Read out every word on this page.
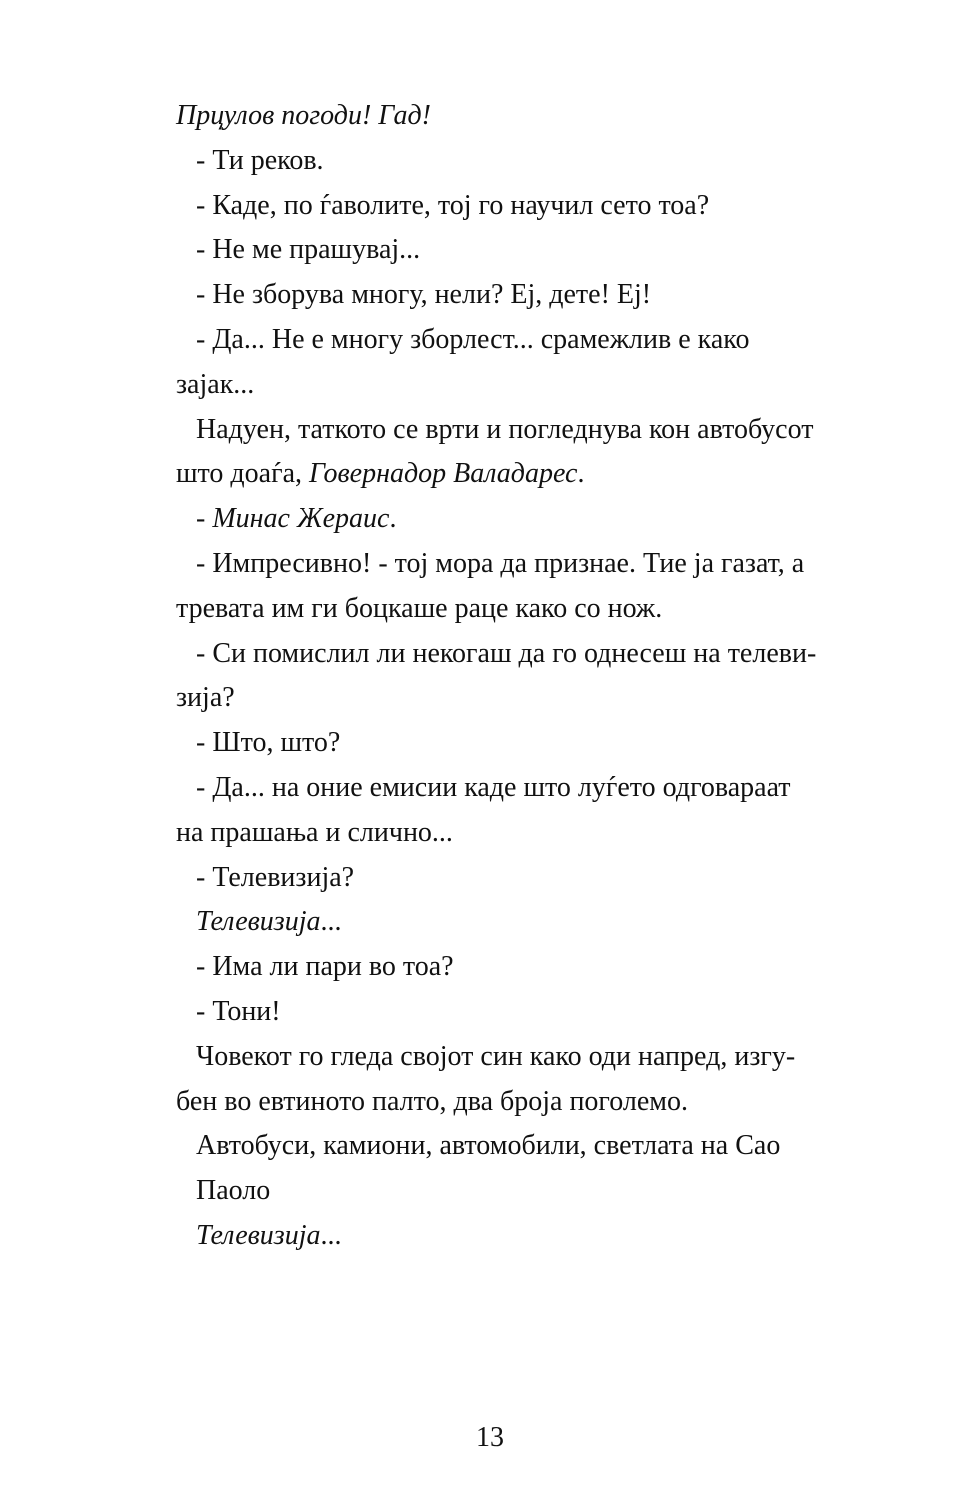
Прцулов погоди! Гад!
- Ти реков.
- Каде, по ѓаволите, тој го научил сето тоа?
- Не ме прашувај...
- Не зборува многу, нели? Еј, дете! Еј!
- Да... Не е многу зборлест... срамежлив е како
зајак...
Надуен, таткото се врти и погледнува кон автобусот
што доаѓа, Говернадор Валадарес.
- Минас Жераис.
- Импресивно! - тој мора да признае. Тие ја газат, а
тревата им ги боцкаше раце како со нож.
- Си помислил ли некогаш да го однесеш на телеви-
зија?
- Што, што?
- Да... на оние емисии каде што луѓето одговараат
на прашања и слично...
- Телевизија?
Телевизија...
- Има ли пари во тоа?
- Тони!
Човекот го гледа својот син како оди напред, изгу-
бен во евтиното палто, два броја поголемо.
Автобуси, камиони, автомобили, светлата на Сао
Паоло
Телевизија...
13
